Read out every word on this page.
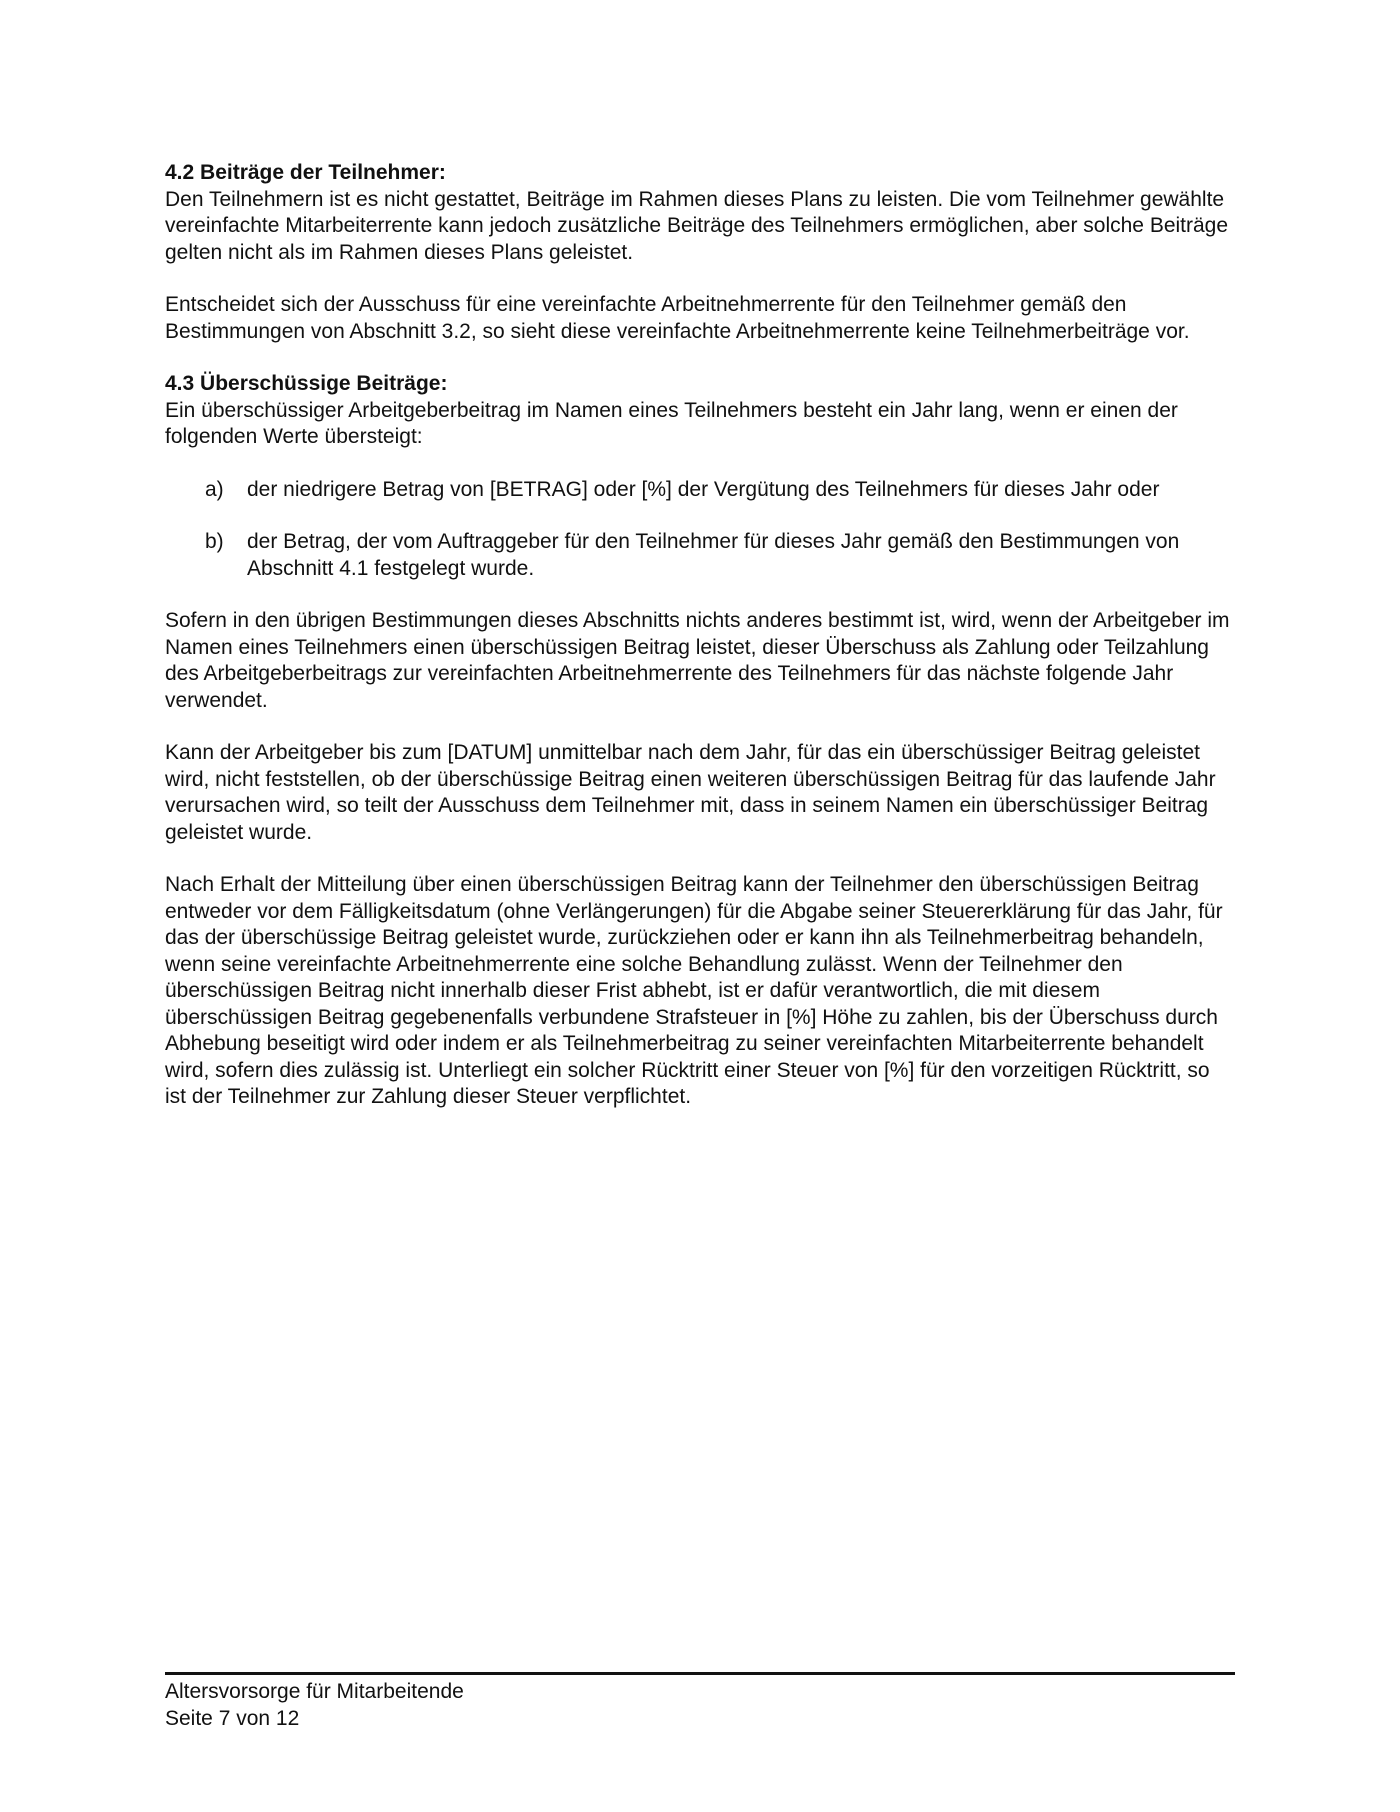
4.2 Beiträge der Teilnehmer:

Den Teilnehmern ist es nicht gestattet, Beiträge im Rahmen dieses Plans zu leisten. Die vom Teilnehmer gewählte vereinfachte Mitarbeiterrente kann jedoch zusätzliche Beiträge des Teilnehmers ermöglichen, aber solche Beiträge gelten nicht als im Rahmen dieses Plans geleistet.

Entscheidet sich der Ausschuss für eine vereinfachte Arbeitnehmerrente für den Teilnehmer gemäß den Bestimmungen von Abschnitt 3.2, so sieht diese vereinfachte Arbeitnehmerrente keine Teilnehmerbeiträge vor.

4.3 Überschüssige Beiträge:

Ein überschüssiger Arbeitgeberbeitrag im Namen eines Teilnehmers besteht ein Jahr lang, wenn er einen der folgenden Werte übersteigt:

a)	der niedrigere Betrag von [BETRAG] oder [%] der Vergütung des Teilnehmers für dieses Jahr oder
b)	der Betrag, der vom Auftraggeber für den Teilnehmer für dieses Jahr gemäß den Bestimmungen von Abschnitt 4.1 festgelegt wurde.

Sofern in den übrigen Bestimmungen dieses Abschnitts nichts anderes bestimmt ist, wird, wenn der Arbeitgeber im Namen eines Teilnehmers einen überschüssigen Beitrag leistet, dieser Überschuss als Zahlung oder Teilzahlung des Arbeitgeberbeitrags zur vereinfachten Arbeitnehmerrente des Teilnehmers für das nächste folgende Jahr verwendet.

Kann der Arbeitgeber bis zum [DATUM] unmittelbar nach dem Jahr, für das ein überschüssiger Beitrag geleistet wird, nicht feststellen, ob der überschüssige Beitrag einen weiteren überschüssigen Beitrag für das laufende Jahr verursachen wird, so teilt der Ausschuss dem Teilnehmer mit, dass in seinem Namen ein überschüssiger Beitrag geleistet wurde.

Nach Erhalt der Mitteilung über einen überschüssigen Beitrag kann der Teilnehmer den überschüssigen Beitrag entweder vor dem Fälligkeitsdatum (ohne Verlängerungen) für die Abgabe seiner Steuererklärung für das Jahr, für das der überschüssige Beitrag geleistet wurde, zurückziehen oder er kann ihn als Teilnehmerbeitrag behandeln, wenn seine vereinfachte Arbeitnehmerrente eine solche Behandlung zulässt. Wenn der Teilnehmer den überschüssigen Beitrag nicht innerhalb dieser Frist abhebt, ist er dafür verantwortlich, die mit diesem überschüssigen Beitrag gegebenenfalls verbundene Strafsteuer in [%] Höhe zu zahlen, bis der Überschuss durch Abhebung beseitigt wird oder indem er als Teilnehmerbeitrag zu seiner vereinfachten Mitarbeiterrente behandelt wird, sofern dies zulässig ist. Unterliegt ein solcher Rücktritt einer Steuer von [%] für den vorzeitigen Rücktritt, so ist der Teilnehmer zur Zahlung dieser Steuer verpflichtet.

Altersvorsorge für Mitarbeitende
Seite 7 von 12
